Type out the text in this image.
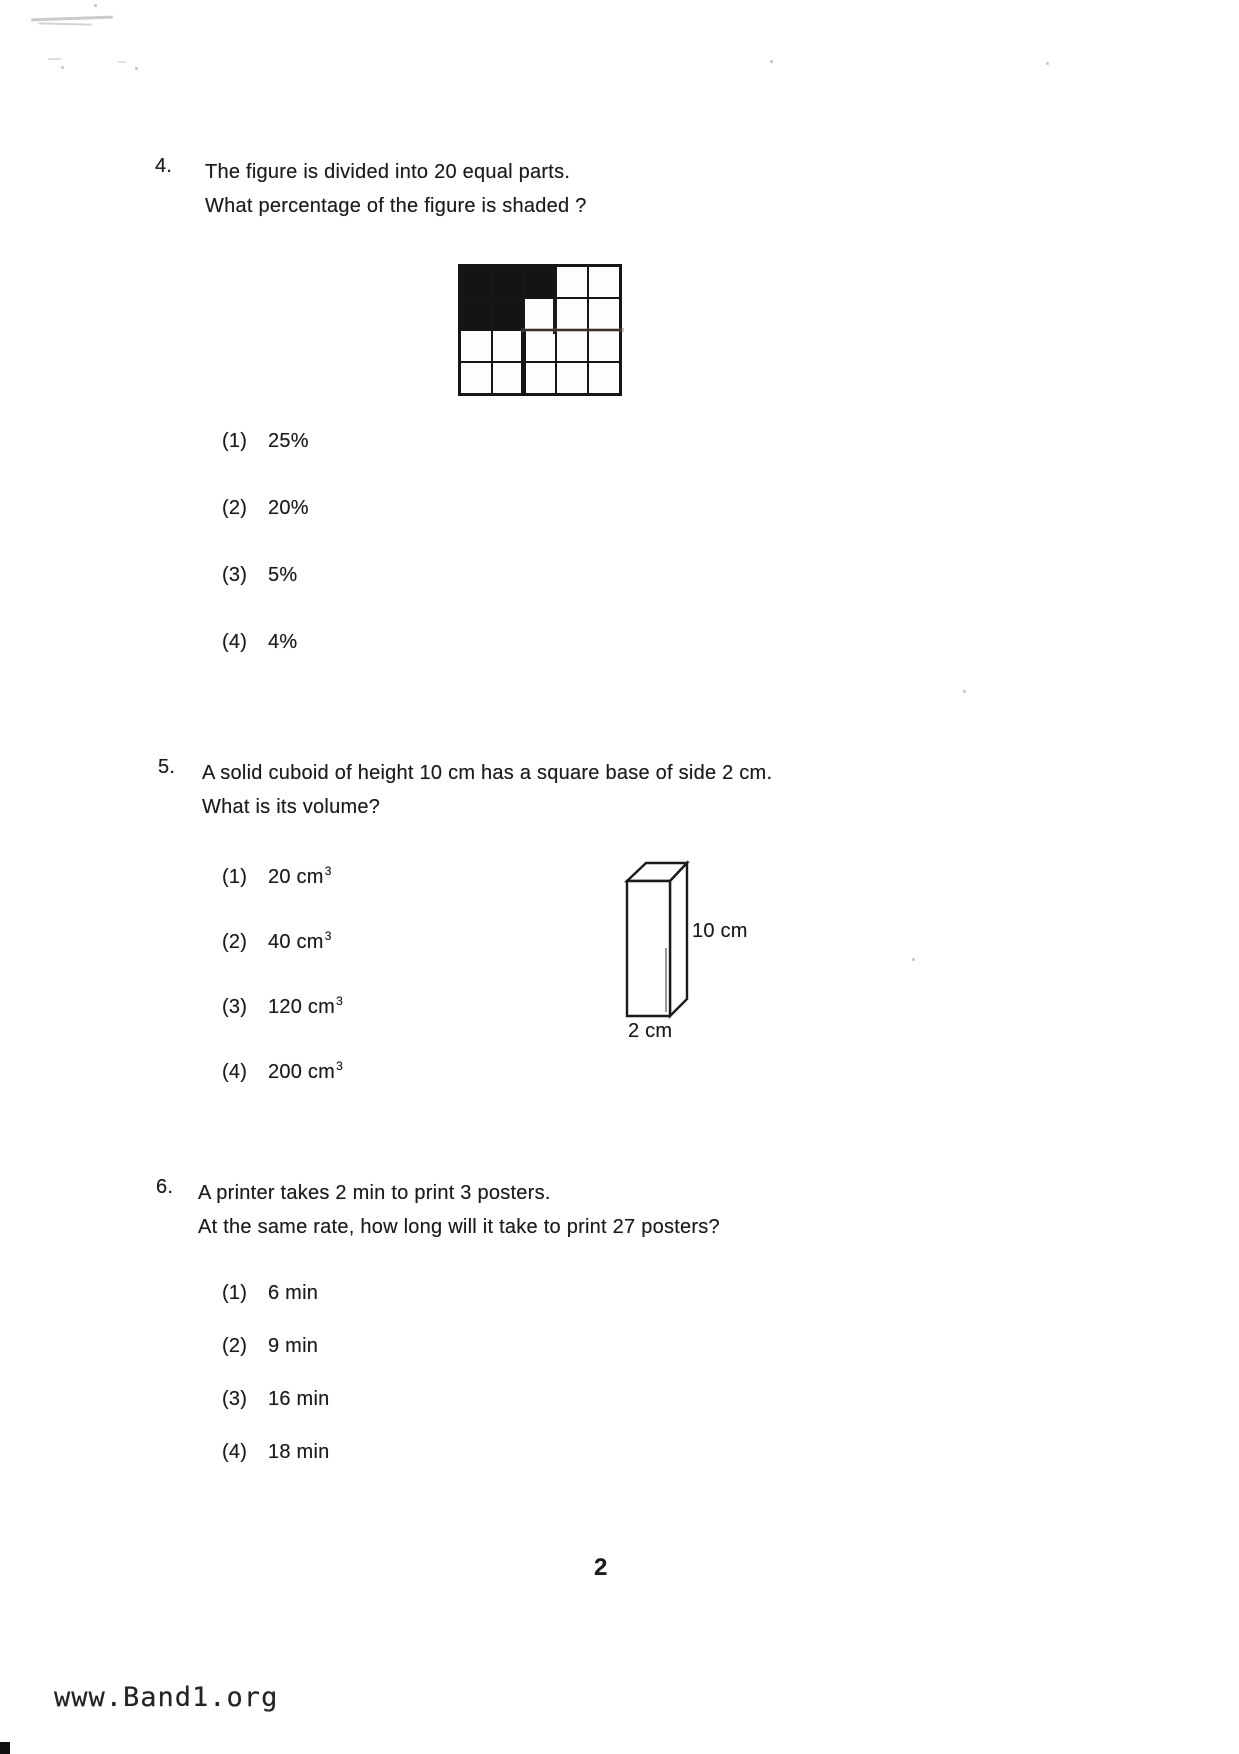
4. The figure is divided into 20 equal parts.
What percentage of the figure is shaded ?
(1)	25%
(2)	20%
(3)	5%
(4)	4%
5. A solid cuboid of height 10 cm has a square base of side 2 cm.
What is its volume?
(1)	20 $cm^3$
(2)	40 $cm^3$
(3)	120 $cm^3$
(4)	200 $cm^3$
10 cm
2 cm
6. A printer takes 2 min to print 3 posters.
At the same rate, how long will it take to print 27 posters?
(1)	6 min
(2)	9 min
(3)	16 min
(4)	18 min
2
www.Band1.org
